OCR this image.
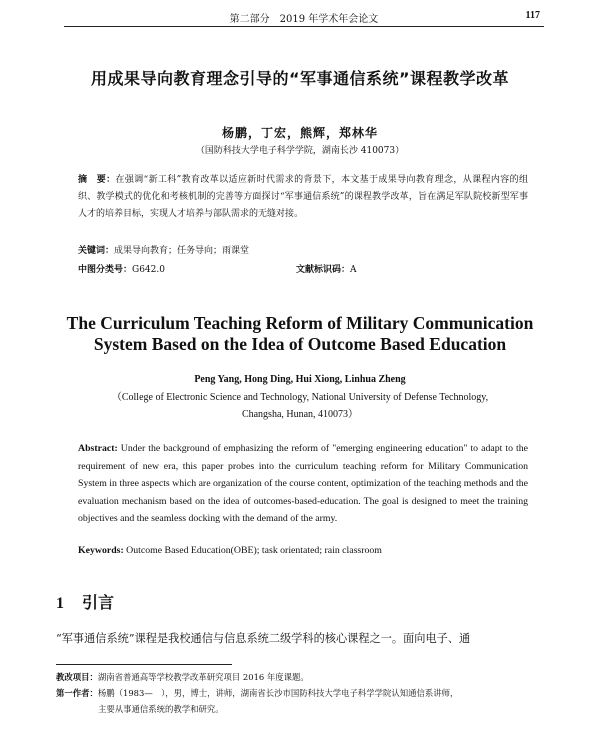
第二部分　2019 年学术年会论文	117
用成果导向教育理念引导的“军事通信系统”课程教学改革
杨鹏，丁宏，熊辉，郑林华
（国防科技大学电子科学学院，湖南长沙 410073）
摘　要：在强调“新工科”教育改革以适应新时代需求的背景下，本文基于成果导向教育理念，从课程内容的组织、教学模式的优化和考核机制的完善等方面探讨“军事通信系统”的课程教学改革，旨在满足军队院校新型军事人才的培养目标，实现人才培养与部队需求的无缝对接。
关键词：成果导向教育；任务导向；雨课堂
中图分类号：G642.0	文献标识码：A
The Curriculum Teaching Reform of Military Communication
System Based on the Idea of Outcome Based Education
Peng Yang, Hong Ding, Hui Xiong, Linhua Zheng
（College of Electronic Science and Technology, National University of Defense Technology,
Changsha, Hunan, 410073）
Abstract: Under the background of emphasizing the reform of "emerging engineering education" to adapt to the requirement of new era, this paper probes into the curriculum teaching reform for Military Communication System in three aspects which are organization of the course content, optimization of the teaching methods and the evaluation mechanism based on the idea of outcomes-based-education. The goal is designed to meet the training objectives and the seamless docking with the demand of the army.
Keywords: Outcome Based Education(OBE); task orientated; rain classroom
1 引言
“军事通信系统”课程是我校通信与信息系统二级学科的核心课程之一。面向电子、通
教改项目：湖南省普通高等学校教学改革研究项目 2016 年度课题。
第一作者：杨鹏（1983—　），男，博士，讲师，湖南省长沙市国防科技大学电子科学学院认知通信系讲师，
主要从事通信系统的教学和研究。
